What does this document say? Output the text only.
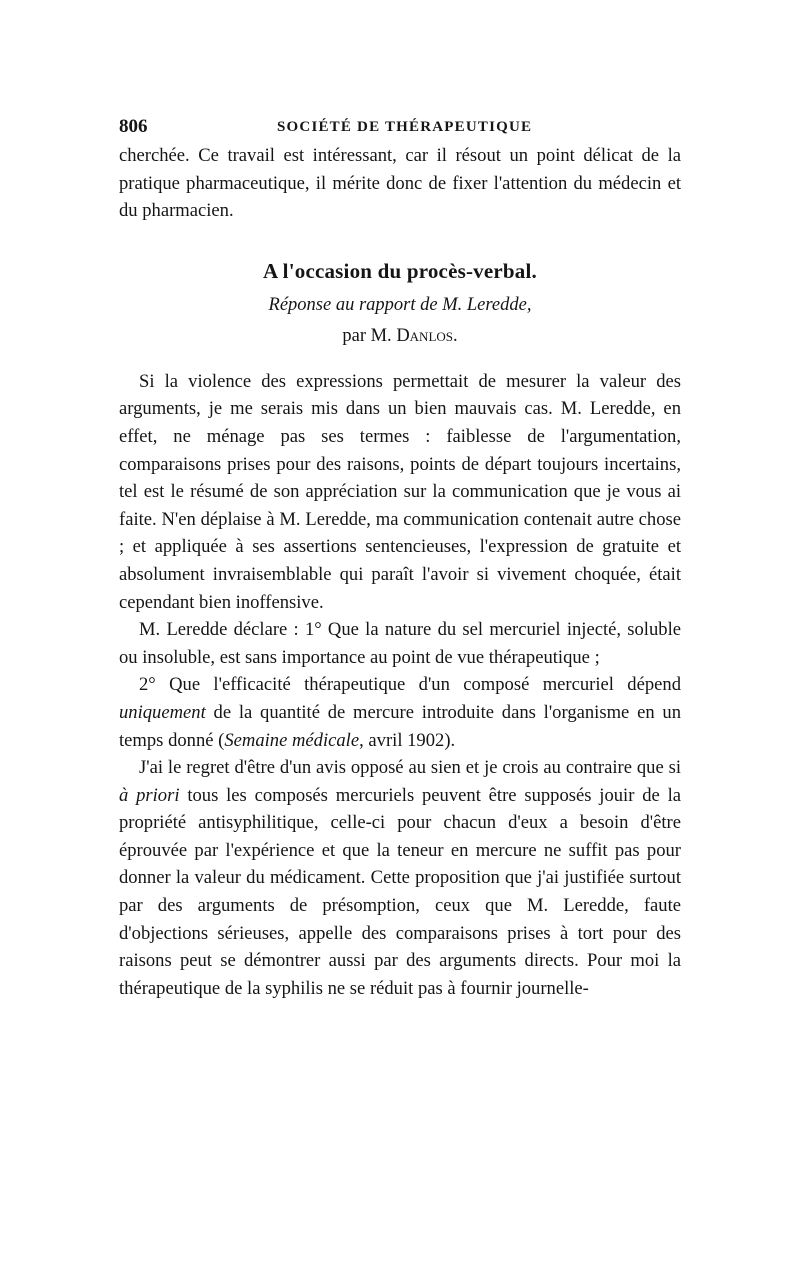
806	SOCIÉTÉ DE THÉRAPEUTIQUE

cherchée. Ce travail est intéressant, car il résout un point délicat de la pratique pharmaceutique, il mérite donc de fixer l'attention du médecin et du pharmacien.

A l'occasion du procès-verbal.
Réponse au rapport de M. Leredde,
par M. Danlos.

Si la violence des expressions permettait de mesurer la valeur des arguments, je me serais mis dans un bien mauvais cas. M. Leredde, en effet, ne ménage pas ses termes : faiblesse de l'argumentation, comparaisons prises pour des raisons, points de départ toujours incertains, tel est le résumé de son appréciation sur la communication que je vous ai faite. N'en déplaise à M. Leredde, ma communication contenait autre chose ; et appliquée à ses assertions sentencieuses, l'expression de gratuite et absolument invraisemblable qui paraît l'avoir si vivement choquée, était cependant bien inoffensive.

M. Leredde déclare : 1° Que la nature du sel mercuriel injecté, soluble ou insoluble, est sans importance au point de vue thérapeutique ;

2° Que l'efficacité thérapeutique d'un composé mercuriel dépend uniquement de la quantité de mercure introduite dans l'organisme en un temps donné (Semaine médicale, avril 1902).

J'ai le regret d'être d'un avis opposé au sien et je crois au contraire que si à priori tous les composés mercuriels peuvent être supposés jouir de la propriété antisyphilitique, celle-ci pour chacun d'eux a besoin d'être éprouvée par l'expérience et que la teneur en mercure ne suffit pas pour donner la valeur du médicament. Cette proposition que j'ai justifiée surtout par des arguments de présomption, ceux que M. Leredde, faute d'objections sérieuses, appelle des comparaisons prises à tort pour des raisons peut se démontrer aussi par des arguments directs. Pour moi la thérapeutique de la syphilis ne se réduit pas à fournir journelle-
